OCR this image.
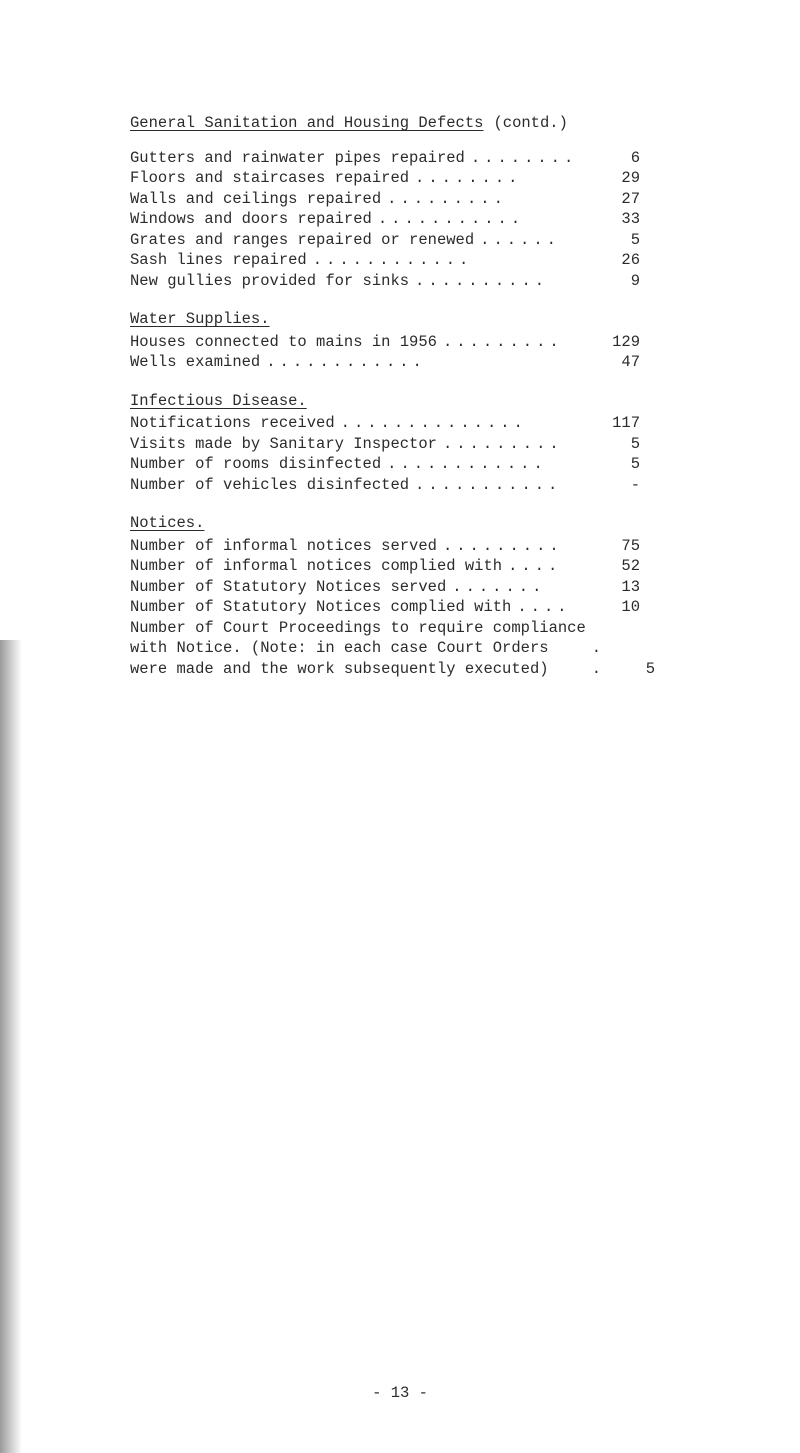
General Sanitation and Housing Defects (contd.)
Gutters and rainwater pipes repaired ........	6
Floors and staircases repaired ........	29
Walls and ceilings repaired .........	27
Windows and doors repaired ...........	33
Grates and ranges repaired or renewed ......	5
Sash lines repaired ............	26
New gullies provided for sinks ..........	9
Water Supplies.
Houses connected to mains in 1956 .........	129
Wells examined ............	47
Infectious Disease.
Notifications received ..............	117
Visits made by Sanitary Inspector .........	5
Number of rooms disinfected ............	5
Number of vehicles disinfected ...........	-
Notices.
Number of informal notices served .........	75
Number of informal notices complied with ....	52
Number of Statutory Notices served .......	13
Number of Statutory Notices complied with ....	10
Number of Court Proceedings to require compliance
with Notice. (Note: in each case Court Orders
were made and the work subsequently executed)
. .	5
- 13 -
